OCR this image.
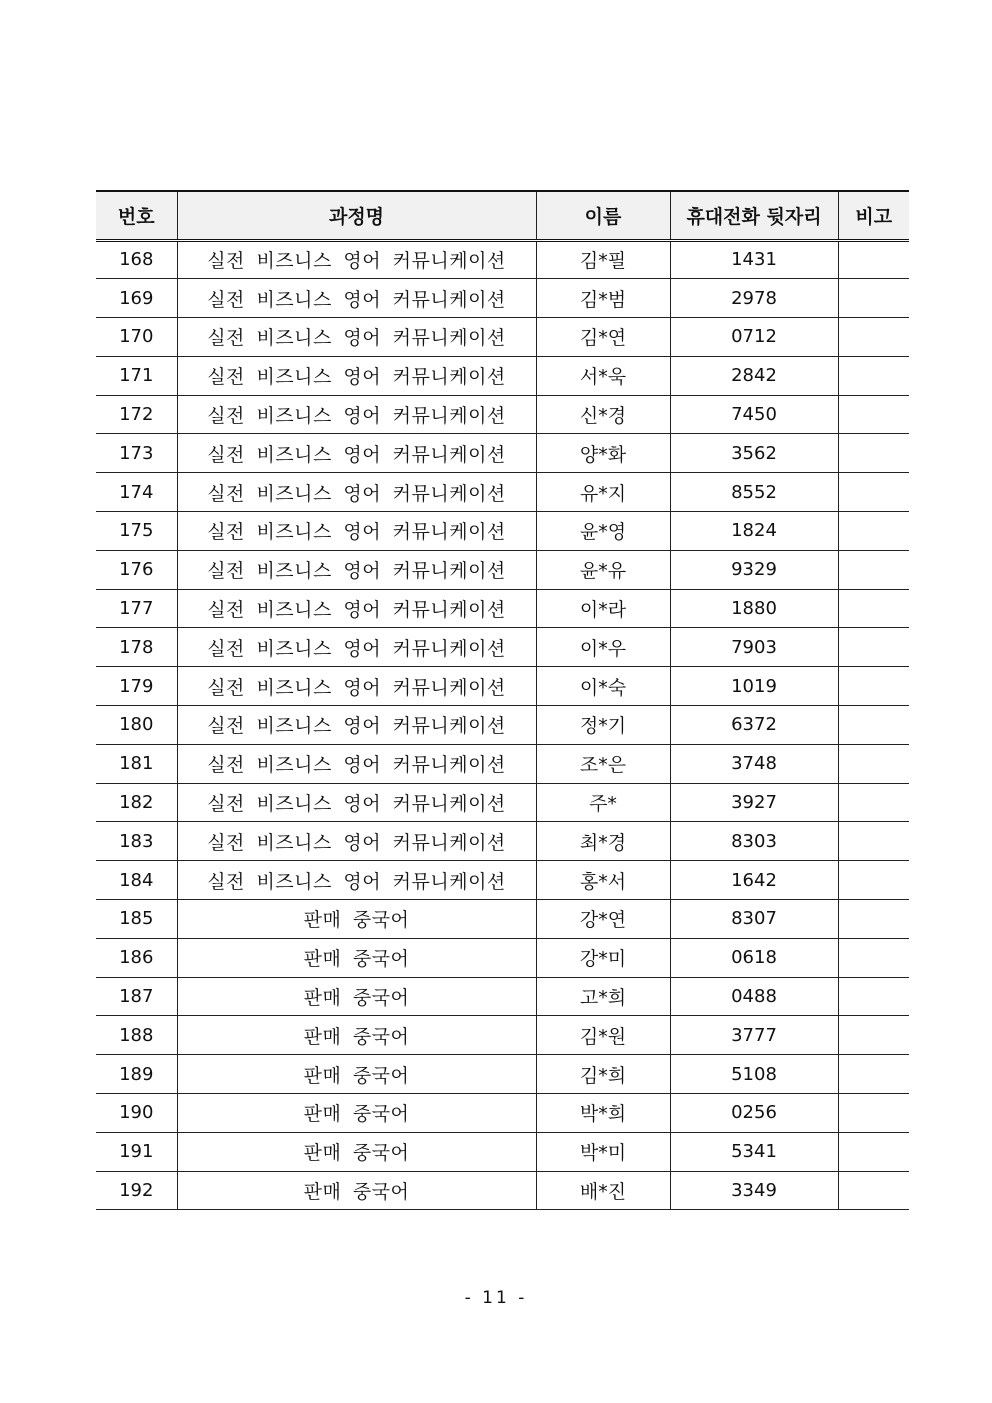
번호	과정명	이름	휴대전화 뒷자리	비고
168	실전 비즈니스 영어 커뮤니케이션	김*필	1431	
169	실전 비즈니스 영어 커뮤니케이션	김*범	2978	
170	실전 비즈니스 영어 커뮤니케이션	김*연	0712	
171	실전 비즈니스 영어 커뮤니케이션	서*욱	2842	
172	실전 비즈니스 영어 커뮤니케이션	신*경	7450	
173	실전 비즈니스 영어 커뮤니케이션	양*화	3562	
174	실전 비즈니스 영어 커뮤니케이션	유*지	8552	
175	실전 비즈니스 영어 커뮤니케이션	윤*영	1824	
176	실전 비즈니스 영어 커뮤니케이션	윤*유	9329	
177	실전 비즈니스 영어 커뮤니케이션	이*라	1880	
178	실전 비즈니스 영어 커뮤니케이션	이*우	7903	
179	실전 비즈니스 영어 커뮤니케이션	이*숙	1019	
180	실전 비즈니스 영어 커뮤니케이션	정*기	6372	
181	실전 비즈니스 영어 커뮤니케이션	조*은	3748	
182	실전 비즈니스 영어 커뮤니케이션	주*	3927	
183	실전 비즈니스 영어 커뮤니케이션	최*경	8303	
184	실전 비즈니스 영어 커뮤니케이션	홍*서	1642	
185	판매 중국어	강*연	8307	
186	판매 중국어	강*미	0618	
187	판매 중국어	고*희	0488	
188	판매 중국어	김*원	3777	
189	판매 중국어	김*희	5108	
190	판매 중국어	박*희	0256	
191	판매 중국어	박*미	5341	
192	판매 중국어	배*진	3349	
- 11 -
